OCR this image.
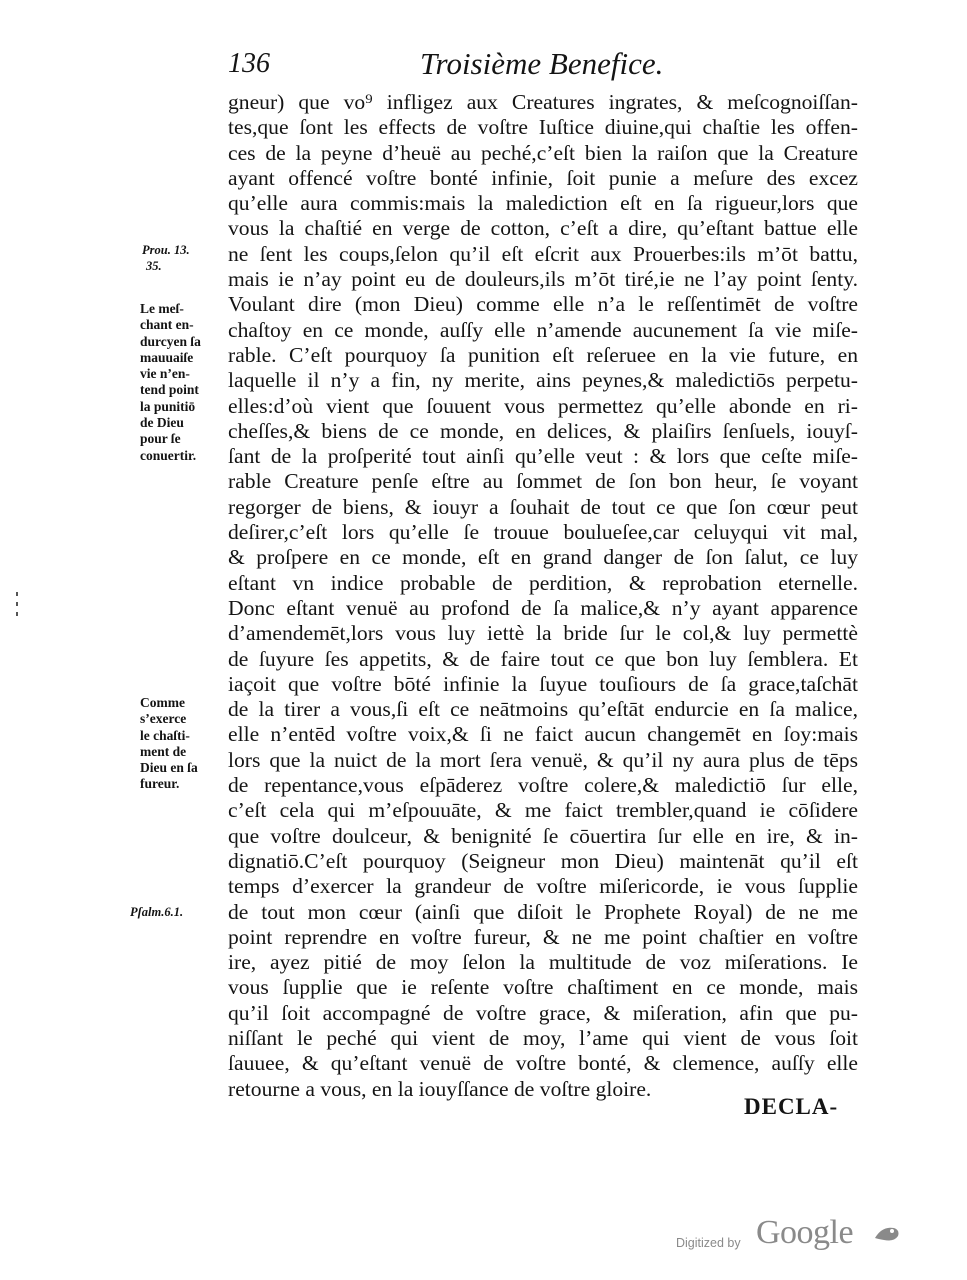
136	Troisième Benefice.
Prou. 13.
35.
Le meſ-
chant en-
durcyen ſa
mauuaiſe
vie n’en-
tend point
la punitiō
de Dieu
pour ſe
conuertir.
Comme
s’exerce
le chaſti-
ment de
Dieu en ſa
fureur.
Pſalm.6.1.
gneur) que vo⁹ infligez aux Creatures ingrates, & meſcognoiſſan-
tes,que ſont les effects de voſtre Iuſtice diuine,qui chaſtie les offen-
ces de la peyne d’heuë au peché,c’eſt bien la raiſon que la Creature
ayant offencé voſtre bonté infinie, ſoit punie a meſure des excez
qu’elle aura commis:mais la malediction eſt en ſa rigueur,lors que
vous la chaſtié en verge de cotton, c’eſt a dire, qu’eſtant battue elle
ne ſent les coups,ſelon qu’il eſt eſcrit aux Prouerbes:ils m’ōt battu,
mais ie n’ay point eu de douleurs,ils m’ōt tiré,ie ne l’ay point ſenty.
Voulant dire (mon Dieu) comme elle n’a le reſſentimēt de voſtre
chaſtoy en ce monde, auſſy elle n’amende aucunement ſa vie miſe-
rable. C’eſt pourquoy ſa punition eſt reſeruee en la vie future, en
laquelle il n’y a fin, ny merite, ains peynes,& maledictiōs perpetu-
elles:d’où vient que ſouuent vous permettez qu’elle abonde en ri-
cheſſes,& biens de ce monde, en delices, & plaiſirs ſenſuels, iouyſ-
ſant de la proſperité tout ainſi qu’elle veut : & lors que ceſte miſe-
rable Creature penſe eſtre au ſommet de ſon bon heur, ſe voyant
regorger de biens, & iouyr a ſouhait de tout ce que ſon cœur peut
deſirer,c’eſt lors qu’elle ſe trouue boulueſee,car celuyqui vit mal,
& proſpere en ce monde, eſt en grand danger de ſon ſalut, ce luy
eſtant vn indice probable de perdition, & reprobation eternelle.
Donc eſtant venuë au profond de ſa malice,& n’y ayant apparence
d’amendemēt,lors vous luy iettè la bride ſur le col,& luy permettè
de ſuyure ſes appetits, & de faire tout ce que bon luy ſemblera. Et
iaçoit que voſtre bōté infinie la ſuyue touſiours de ſa grace,taſchāt
de la tirer a vous,ſi eſt ce neātmoins qu’eſtāt endurcie en ſa malice,
elle n’entēd voſtre voix,& ſi ne faict aucun changemēt en ſoy:mais
lors que la nuict de la mort ſera venuë, & qu’il ny aura plus de tēps
de repentance,vous eſpāderez voſtre colere,& maledictiō ſur elle,
c’eſt cela qui m’eſpouuāte, & me faict trembler,quand ie cōſidere
que voſtre doulceur, & benignité ſe cōuertira ſur elle en ire, & in-
dignatiō.C’eſt pourquoy (Seigneur mon Dieu) maintenāt qu’il eſt
temps d’exercer la grandeur de voſtre miſericorde, ie vous ſupplie
de tout mon cœur (ainſi que diſoit le Prophete Royal) de ne me
point reprendre en voſtre fureur, & ne me point chaſtier en voſtre
ire, ayez pitié de moy ſelon la multitude de voz miſerations. Ie
vous ſupplie que ie reſente voſtre chaſtiment en ce monde, mais
qu’il ſoit accompagné de voſtre grace, & miſeration, afin que pu-
niſſant le peché qui vient de moy, l’ame qui vient de vous ſoit
ſauuee, & qu’eſtant venuë de voſtre bonté, & clemence, auſſy elle
retourne a vous, en la iouyſſance de voſtre gloire.
DECLA-
Digitized by Google
